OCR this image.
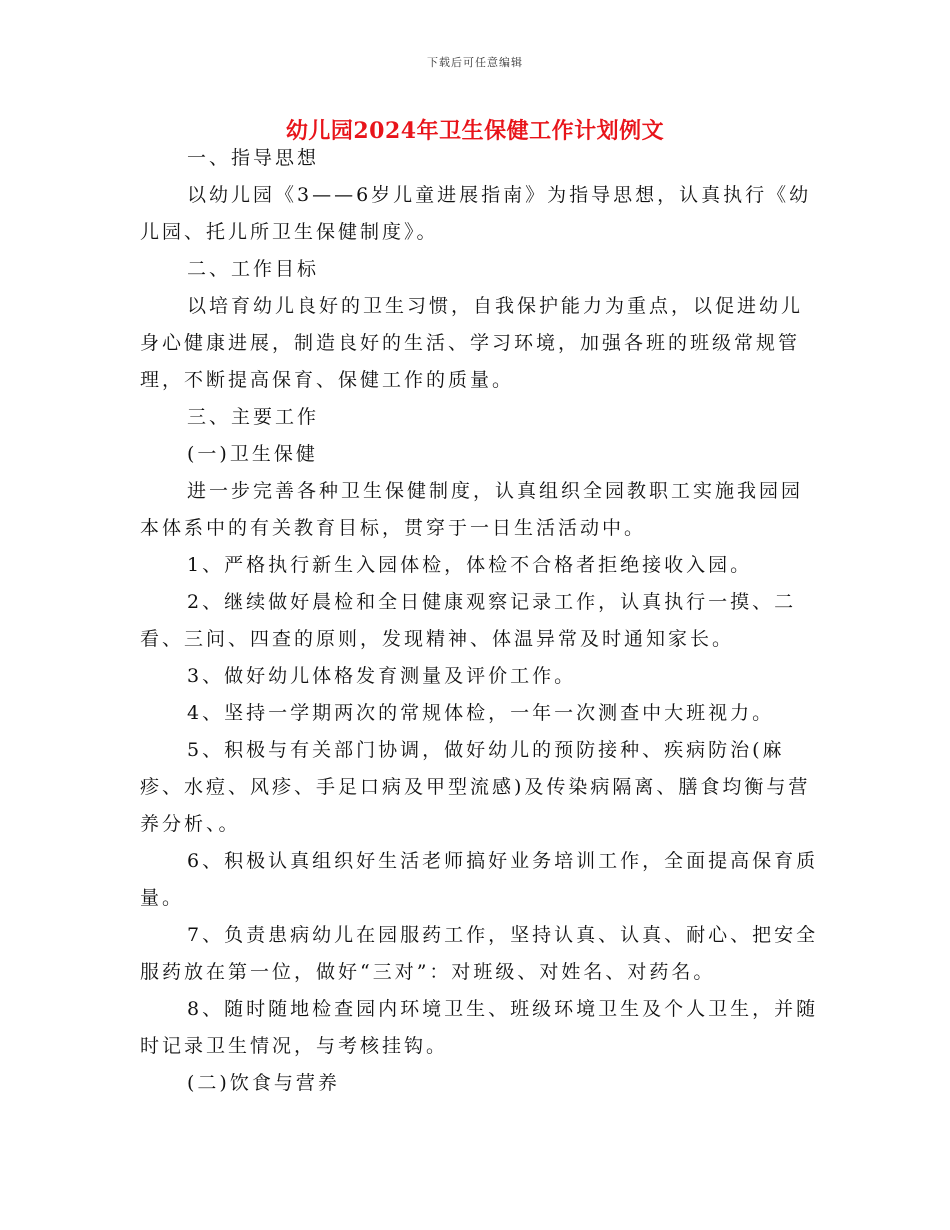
下载后可任意编辑
幼儿园2024年卫生保健工作计划例文

一、指导思想

以幼儿园《3——6岁儿童进展指南》为指导思想，认真执行《幼儿园、托儿所卫生保健制度》。

二、工作目标

以培育幼儿良好的卫生习惯，自我保护能力为重点，以促进幼儿身心健康进展，制造良好的生活、学习环境，加强各班的班级常规管理，不断提高保育、保健工作的质量。

三、主要工作

(一)卫生保健

进一步完善各种卫生保健制度，认真组织全园教职工实施我园园本体系中的有关教育目标，贯穿于一日生活活动中。

1、严格执行新生入园体检，体检不合格者拒绝接收入园。

2、继续做好晨检和全日健康观察记录工作，认真执行一摸、二看、三问、四查的原则，发现精神、体温异常及时通知家长。

3、做好幼儿体格发育测量及评价工作。

4、坚持一学期两次的常规体检，一年一次测查中大班视力。

5、积极与有关部门协调，做好幼儿的预防接种、疾病防治(麻疹、水痘、风疹、手足口病及甲型流感)及传染病隔离、膳食均衡与营养分析、。

6、积极认真组织好生活老师搞好业务培训工作，全面提高保育质量。

7、负责患病幼儿在园服药工作，坚持认真、认真、耐心、把安全服药放在第一位，做好“三对”：对班级、对姓名、对药名。

8、随时随地检查园内环境卫生、班级环境卫生及个人卫生，并随时记录卫生情况，与考核挂钩。

(二)饮食与营养
